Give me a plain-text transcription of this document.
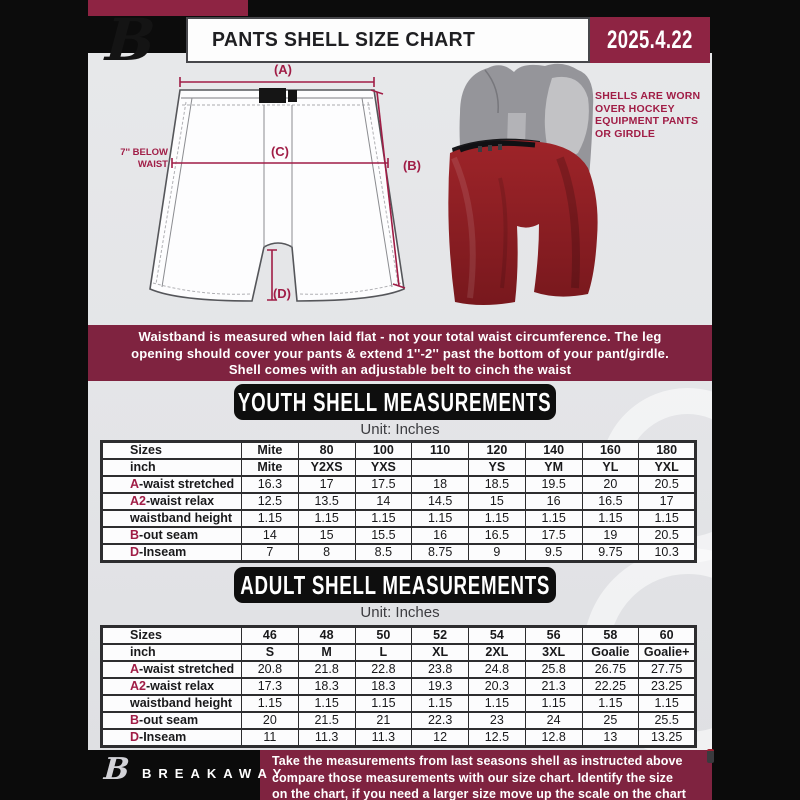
B	PANTS SHELL SIZE CHART	2025.4.22
(A)
(C)
(B)
(D)
7'' BELOW
WAIST
SHELLS ARE WORN
OVER HOCKEY
EQUIPMENT PANTS
OR GIRDLE
Waistband is measured when laid flat - not your total waist circumference. The leg
opening should cover your pants & extend 1''-2'' past the bottom of your pant/girdle.
Shell comes with an adjustable belt to cinch the waist
YOUTH SHELL MEASUREMENTS
Unit: Inches
Sizes	Mite	80	100	110	120	140	160	180
inch	Mite	Y2XS	YXS		YS	YM	YL	YXL
A-waist stretched	16.3	17	17.5	18	18.5	19.5	20	20.5
A2-waist relax	12.5	13.5	14	14.5	15	16	16.5	17
waistband height	1.15	1.15	1.15	1.15	1.15	1.15	1.15	1.15
B-out seam	14	15	15.5	16	16.5	17.5	19	20.5
D-Inseam	7	8	8.5	8.75	9	9.5	9.75	10.3
ADULT SHELL MEASUREMENTS
Unit: Inches
Sizes	46	48	50	52	54	56	58	60
inch	S	M	L	XL	2XL	3XL	Goalie	Goalie+
A-waist stretched	20.8	21.8	22.8	23.8	24.8	25.8	26.75	27.75
A2-waist relax	17.3	18.3	18.3	19.3	20.3	21.3	22.25	23.25
waistband height	1.15	1.15	1.15	1.15	1.15	1.15	1.15	1.15
B-out seam	20	21.5	21	22.3	23	24	25	25.5
D-Inseam	11	11.3	11.3	12	12.5	12.8	13	13.25
Take the measurements from last seasons shell as instructed above
compare those measurements with our size chart. Identify the size
on the chart, if you need a larger size move up the scale on the chart
B BREAKAWAY
